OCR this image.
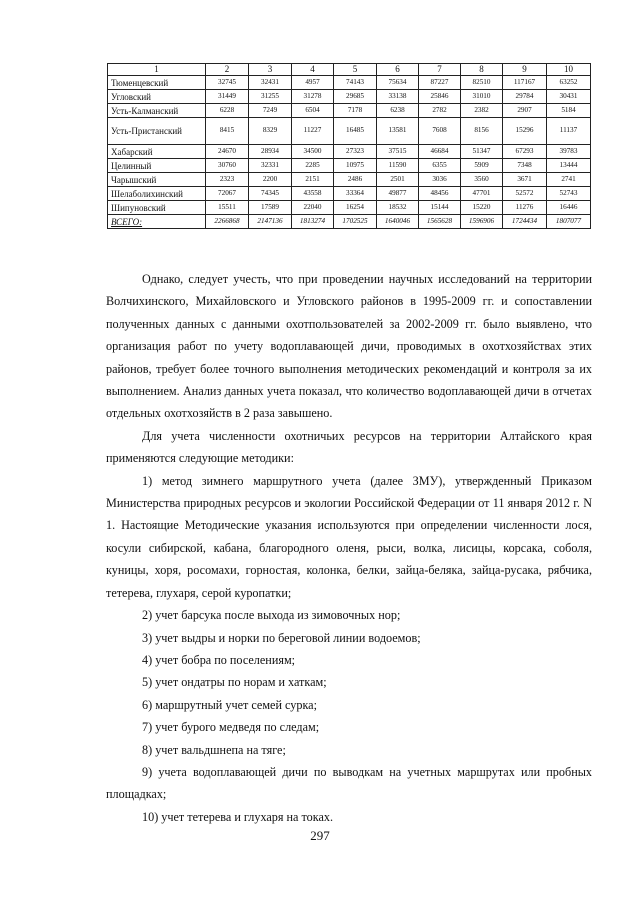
1	2	3	4	5	6	7	8	9	10
Тюменцевский	32745	32431	4957	74143	75634	87227	82510	117167	63252
Угловский	31449	31255	31278	29685	33138	25846	31010	29784	30431
Усть-Калманский	6228	7249	6504	7178	6238	2782	2382	2907	5184
Усть-Пристанский	8415	8329	11227	16485	13581	7608	8156	15296	11137
Хабарский	24670	28934	34500	27323	37515	46684	51347	67293	39783
Целинный	30760	32331	2285	10975	11590	6355	5909	7348	13444
Чарышский	2323	2200	2151	2486	2501	3036	3560	3671	2741
Шелаболихинский	72067	74345	43558	33364	49877	48456	47701	52572	52743
Шипуновский	15511	17589	22040	16254	18532	15144	15220	11276	16446
ВСЕГО:	2266868	2147136	1813274	1702525	1640046	1565628	1596906	1724434	1807077

Однако, следует учесть, что при проведении научных исследований на территории Волчихинского, Михайловского и Угловского районов в 1995-2009 гг. и сопоставлении полученных данных с данными охотпользователей за 2002-2009 гг. было выявлено, что организация работ по учету водоплавающей дичи, проводимых в охотхозяйствах этих районов, требует более точного выполнения методических рекомендаций и контроля за их выполнением. Анализ данных учета показал, что количество водоплавающей дичи в отчетах отдельных охотхозяйств в 2 раза завышено.

Для учета численности охотничьих ресурсов на территории Алтайского края применяются следующие методики:

1) метод зимнего маршрутного учета (далее ЗМУ), утвержденный Приказом Министерства природных ресурсов и экологии Российской Федерации от 11 января 2012 г. N 1. Настоящие Методические указания используются при определении численности лося, косули сибирской, кабана, благородного оленя, рыси, волка, лисицы, корсака, соболя, куницы, хоря, росомахи, горностая, колонка, белки, зайца-беляка, зайца-русака, рябчика, тетерева, глухаря, серой куропатки;

2) учет барсука после выхода из зимовочных нор;

3) учет выдры и норки по береговой линии водоемов;

4) учет бобра по поселениям;

5) учет ондатры по норам и хаткам;

6) маршрутный учет семей сурка;

7) учет бурого медведя по следам;

8) учет вальдшнепа на тяге;

9) учета водоплавающей дичи по выводкам на учетных маршрутах или пробных площадках;

10) учет тетерева и глухаря на токах.

297
